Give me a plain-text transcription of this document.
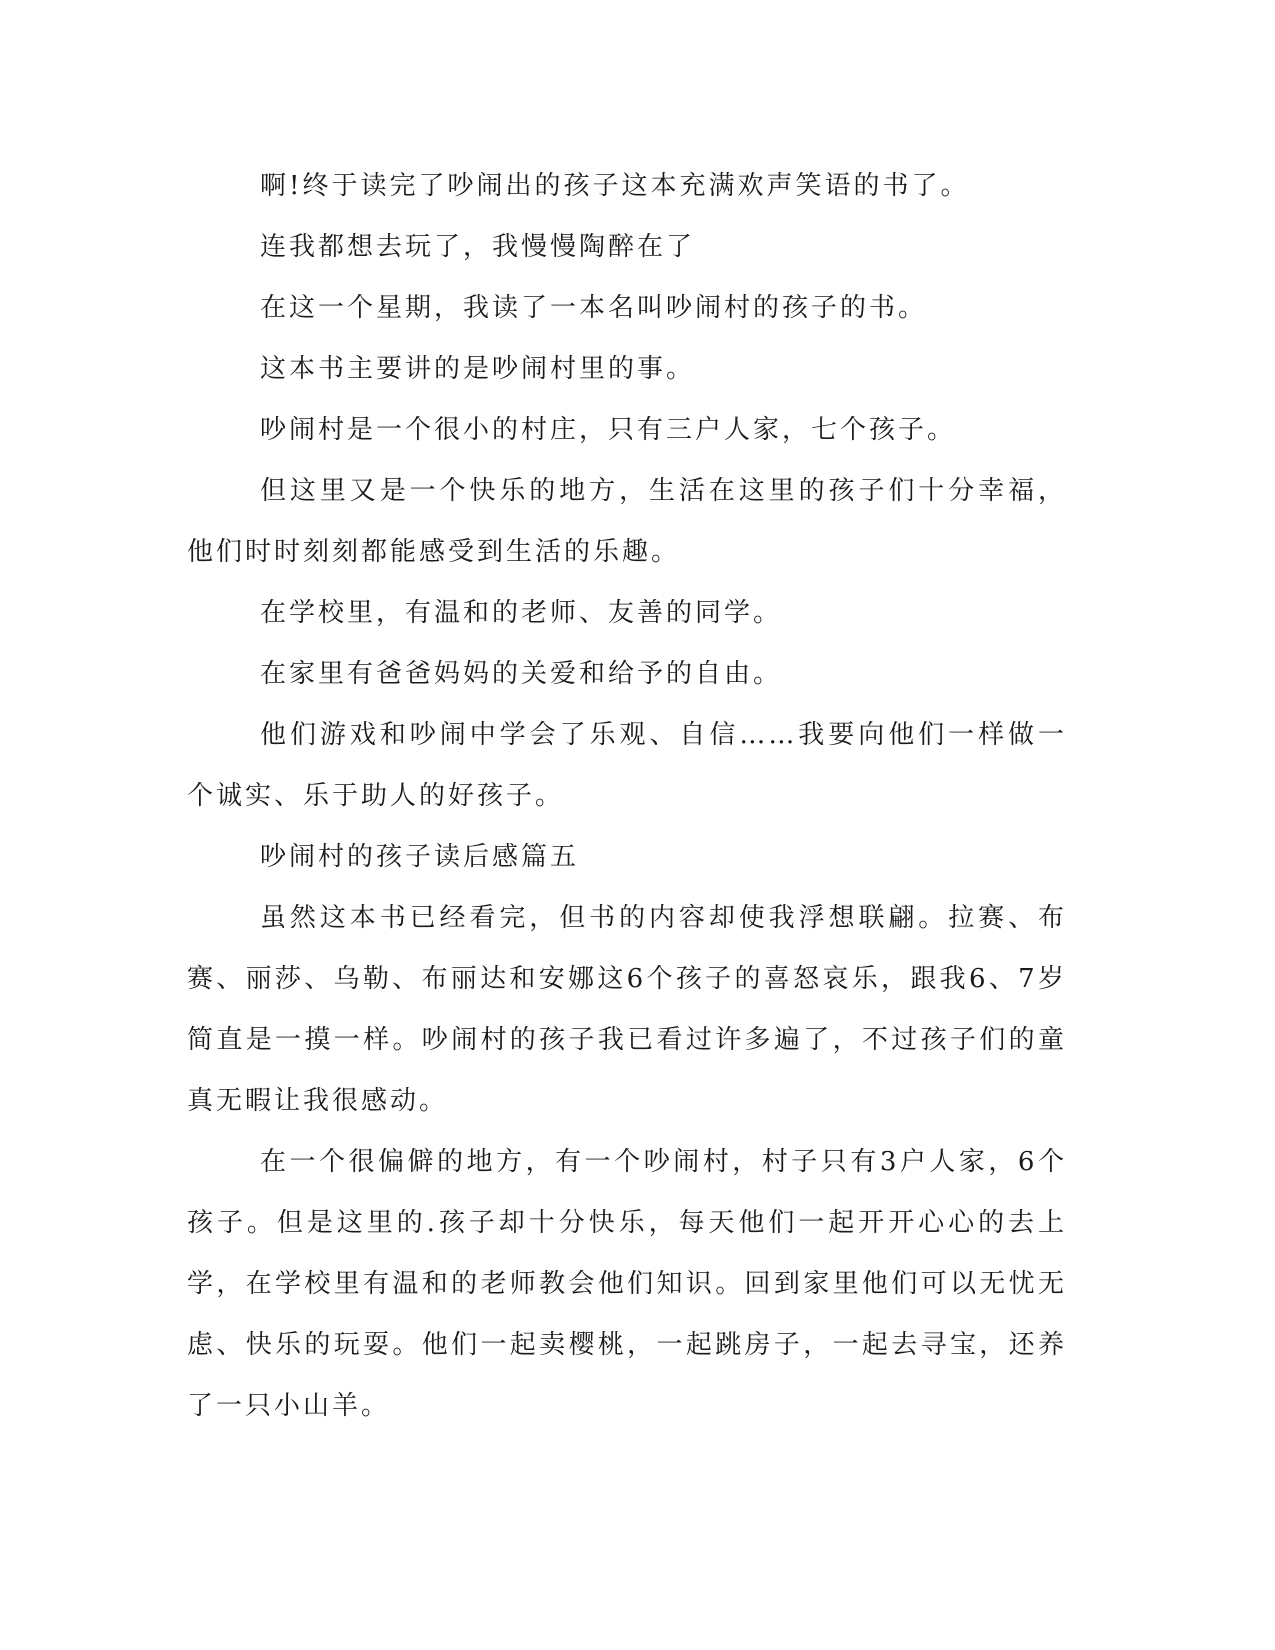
啊!终于读完了吵闹出的孩子这本充满欢声笑语的书了。

连我都想去玩了，我慢慢陶醉在了

在这一个星期，我读了一本名叫吵闹村的孩子的书。

这本书主要讲的是吵闹村里的事。

吵闹村是一个很小的村庄，只有三户人家，七个孩子。

但这里又是一个快乐的地方，生活在这里的孩子们十分幸福，他们时时刻刻都能感受到生活的乐趣。

在学校里，有温和的老师、友善的同学。

在家里有爸爸妈妈的关爱和给予的自由。

他们游戏和吵闹中学会了乐观、自信……我要向他们一样做一个诚实、乐于助人的好孩子。

吵闹村的孩子读后感篇五

虽然这本书已经看完，但书的内容却使我浮想联翩。拉赛、布赛、丽莎、乌勒、布丽达和安娜这6个孩子的喜怒哀乐，跟我6、7岁简直是一摸一样。吵闹村的孩子我已看过许多遍了，不过孩子们的童真无暇让我很感动。

在一个很偏僻的地方，有一个吵闹村，村子只有3户人家，6个孩子。但是这里的.孩子却十分快乐，每天他们一起开开心心的去上学，在学校里有温和的老师教会他们知识。回到家里他们可以无忧无虑、快乐的玩耍。他们一起卖樱桃，一起跳房子，一起去寻宝，还养了一只小山羊。
